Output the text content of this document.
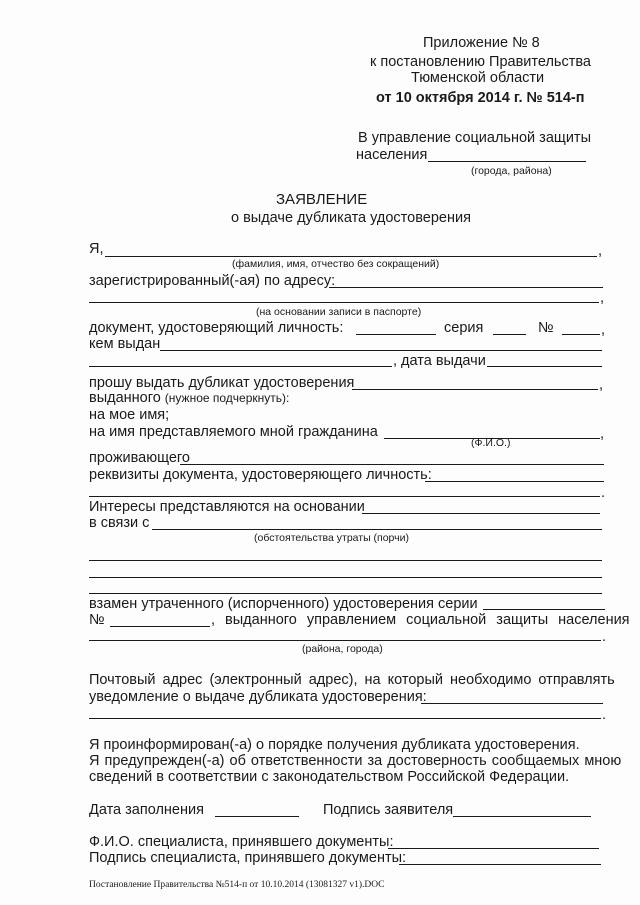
Приложение № 8
к постановлению Правительства
Тюменской области
от 10 октября 2014 г. № 514-п
В управление социальной защиты
населения
(города, района)
ЗАЯВЛЕНИЕ
о выдаче дубликата удостоверения
Я,	,
(фамилия, имя, отчество без сокращений)
зарегистрированный(-ая) по адресу:
,
(на основании записи в паспорте)
документ, удостоверяющий личность:	серия	№	,
кем выдан
, дата выдачи
прошу выдать дубликат удостоверения	,
выданного (нужное подчеркнуть):
на мое имя;
на имя представляемого мной гражданина	,
(Ф.И.О.)
проживающего
реквизиты документа, удостоверяющего личность:
.
Интересы представляются на основании
в связи с
(обстоятельства утраты (порчи)
взамен утраченного (испорченного) удостоверения серии
№	, выданного управлением социальной защиты населения
.
(района, города)
Почтовый адрес (электронный адрес), на который необходимо отправлять
уведомление о выдаче дубликата удостоверения:
.
Я проинформирован(-а) о порядке получения дубликата удостоверения.
Я предупрежден(-а) об ответственности за достоверность сообщаемых мною
сведений в соответствии с законодательством Российской Федерации.
Дата заполнения	Подпись заявителя
Ф.И.О. специалиста, принявшего документы:
Подпись специалиста, принявшего документы:
Постановление Правительства №514-п от 10.10.2014 (13081327 v1).DOC
